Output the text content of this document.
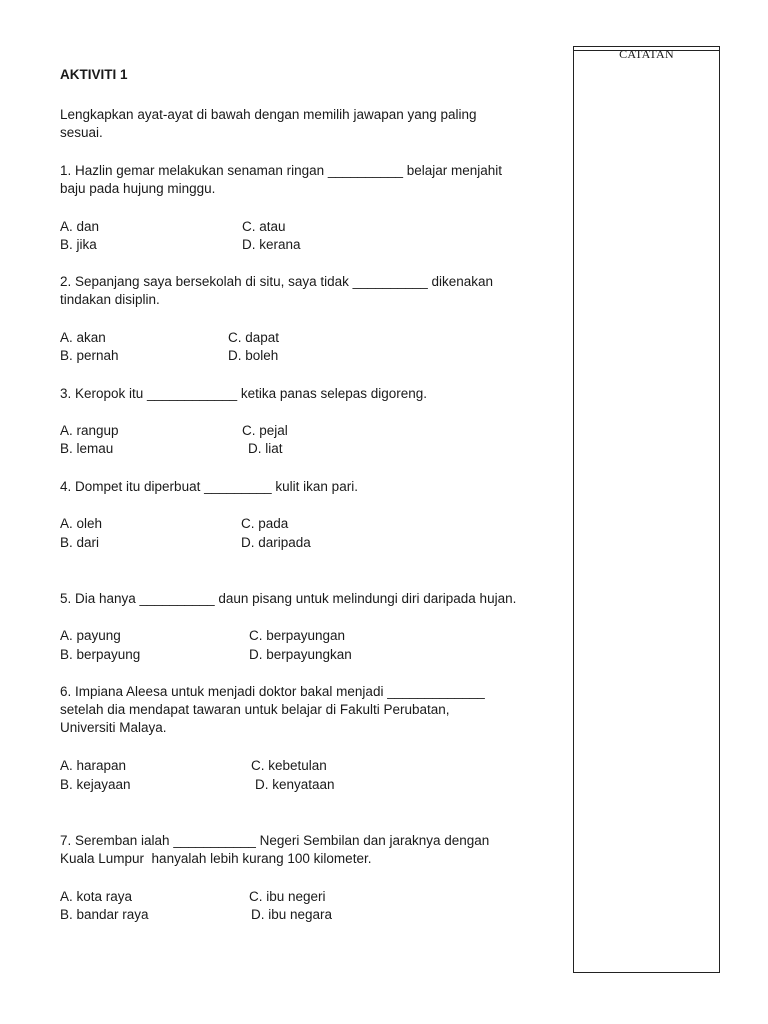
AKTIVITI 1
Lengkapkan ayat-ayat di bawah dengan memilih jawapan yang paling
sesuai.
1. Hazlin gemar melakukan senaman ringan __________ belajar menjahit
baju pada hujung minggu.
A. dan	C. atau
B. jika	D. kerana
2. Sepanjang saya bersekolah di situ, saya tidak __________ dikenakan
tindakan disiplin.
A. akan	C. dapat
B. pernah	D. boleh
3. Keropok itu ____________ ketika panas selepas digoreng.
A. rangup	C. pejal
B. lemau	D. liat
4. Dompet itu diperbuat _________ kulit ikan pari.
A. oleh	C. pada
B. dari	D. daripada
5. Dia hanya __________ daun pisang untuk melindungi diri daripada hujan.
A. payung	C. berpayungan
B. berpayung	D. berpayungkan
6. Impiana Aleesa untuk menjadi doktor bakal menjadi _____________
setelah dia mendapat tawaran untuk belajar di Fakulti Perubatan,
Universiti Malaya.
A. harapan	C. kebetulan
B. kejayaan	D. kenyataan
7. Seremban ialah ___________ Negeri Sembilan dan jaraknya dengan
Kuala Lumpur  hanyalah lebih kurang 100 kilometer.
A. kota raya	C. ibu negeri
B. bandar raya	D. ibu negara
CATATAN
